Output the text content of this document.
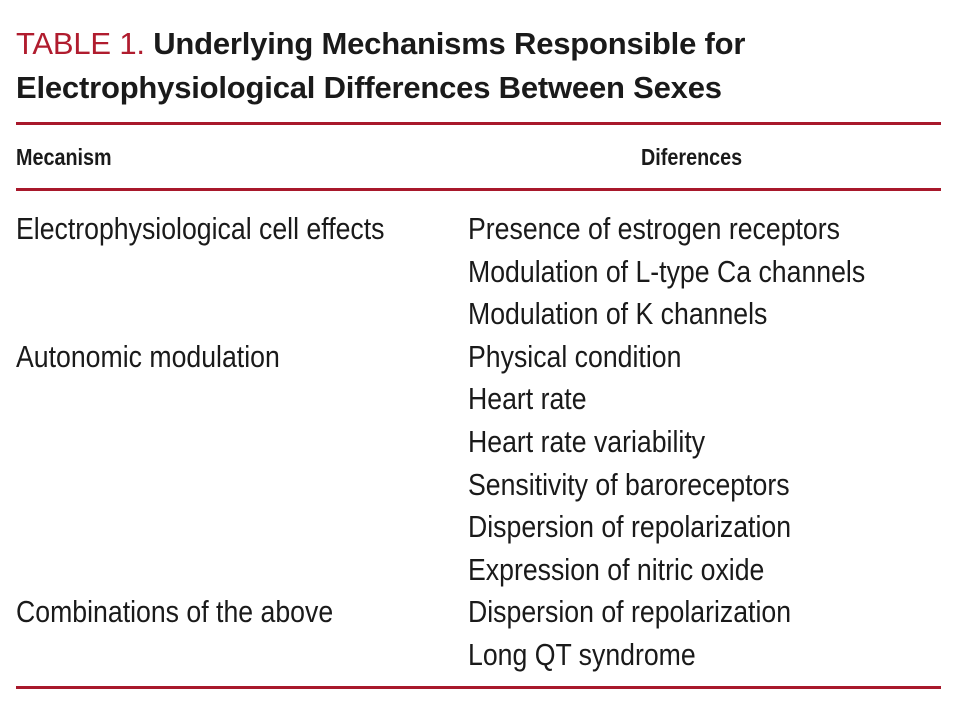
TABLE 1. Underlying Mechanisms Responsible for
Electrophysiological Differences Between Sexes
Mecanism	Diferences
Electrophysiological cell effects	Presence of estrogen receptors
Modulation of L-type Ca channels
Modulation of K channels
Autonomic modulation	Physical condition
Heart rate
Heart rate variability
Sensitivity of baroreceptors
Dispersion of repolarization
Expression of nitric oxide
Combinations of the above	Dispersion of repolarization
Long QT syndrome
